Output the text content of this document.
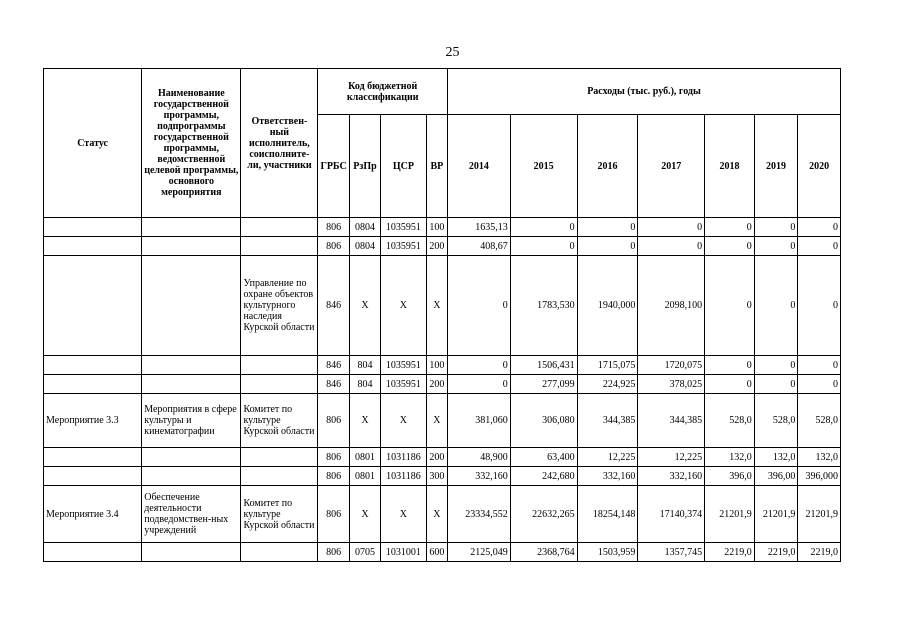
25
Статус	Наименование государственной программы, подпрограммы государственной программы, ведомственной целевой программы, основного мероприятия	Ответствен-ный исполнитель, соисполните-ли, участники	Код бюджетной классификации				Расходы (тыс. руб.), годы						
			ГРБС	РзПр	ЦСР	ВР	2014	2015	2016	2017	2018	2019	2020
			806	0804	1035951	100	1635,13	0	0	0	0	0	0
			806	0804	1035951	200	408,67	0	0	0	0	0	0
		Управление по охране объектов культурного наследия Курской области	846	X	X	X	0	1783,530	1940,000	2098,100	0	0	0
			846	804	1035951	100	0	1506,431	1715,075	1720,075	0	0	0
			846	804	1035951	200	0	277,099	224,925	378,025	0	0	0
Мероприятие 3.3	Мероприятия в сфере культуры и кинематографии	Комитет по культуре Курской области	806	X	X	X	381,060	306,080	344,385	344,385	528,0	528,0	528,0
			806	0801	1031186	200	48,900	63,400	12,225	12,225	132,0	132,0	132,0
			806	0801	1031186	300	332,160	242,680	332,160	332,160	396,0	396,00	396,000
Мероприятие 3.4	Обеспечение деятельности подведомствен-ных учреждений	Комитет по культуре Курской области	806	X	X	X	23334,552	22632,265	18254,148	17140,374	21201,9	21201,9	21201,9
			806	0705	1031001	600	2125,049	2368,764	1503,959	1357,745	2219,0	2219,0	2219,0
